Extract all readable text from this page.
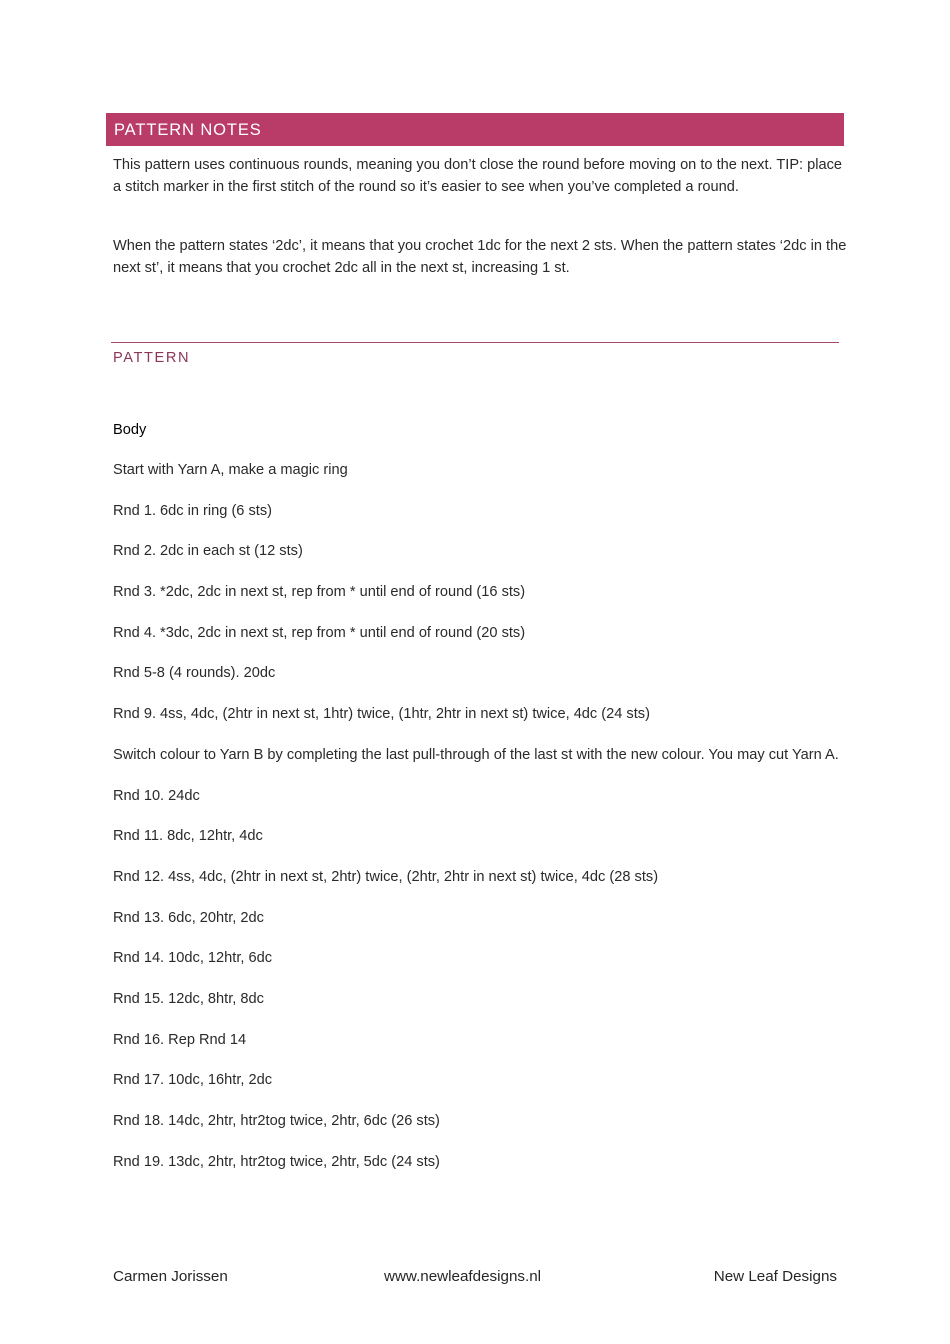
PATTERN NOTES

This pattern uses continuous rounds, meaning you don’t close the round before moving on to the next. TIP: place a stitch marker in the first stitch of the round so it’s easier to see when you’ve completed a round.

When the pattern states ‘2dc’, it means that you crochet 1dc for the next 2 sts. When the pattern states ‘2dc in the next st’, it means that you crochet 2dc all in the next st, increasing 1 st.

PATTERN
Body

Start with Yarn A, make a magic ring

Rnd 1. 6dc in ring (6 sts)

Rnd 2. 2dc in each st (12 sts)

Rnd 3. *2dc, 2dc in next st, rep from * until end of round (16 sts)

Rnd 4. *3dc, 2dc in next st, rep from * until end of round (20 sts)

Rnd 5-8 (4 rounds). 20dc

Rnd 9. 4ss, 4dc, (2htr in next st, 1htr) twice, (1htr, 2htr in next st) twice, 4dc (24 sts)

Switch colour to Yarn B by completing the last pull-through of the last st with the new colour. You may cut Yarn A.

Rnd 10. 24dc

Rnd 11. 8dc, 12htr, 4dc

Rnd 12. 4ss, 4dc, (2htr in next st, 2htr) twice, (2htr, 2htr in next st) twice, 4dc (28 sts)

Rnd 13. 6dc, 20htr, 2dc

Rnd 14. 10dc, 12htr, 6dc

Rnd 15. 12dc, 8htr, 8dc

Rnd 16. Rep Rnd 14

Rnd 17. 10dc, 16htr, 2dc

Rnd 18. 14dc, 2htr, htr2tog twice, 2htr, 6dc (26 sts)

Rnd 19. 13dc, 2htr, htr2tog twice, 2htr, 5dc (24 sts)

Carmen Jorissen	www.newleafdesigns.nl	New Leaf Designs
